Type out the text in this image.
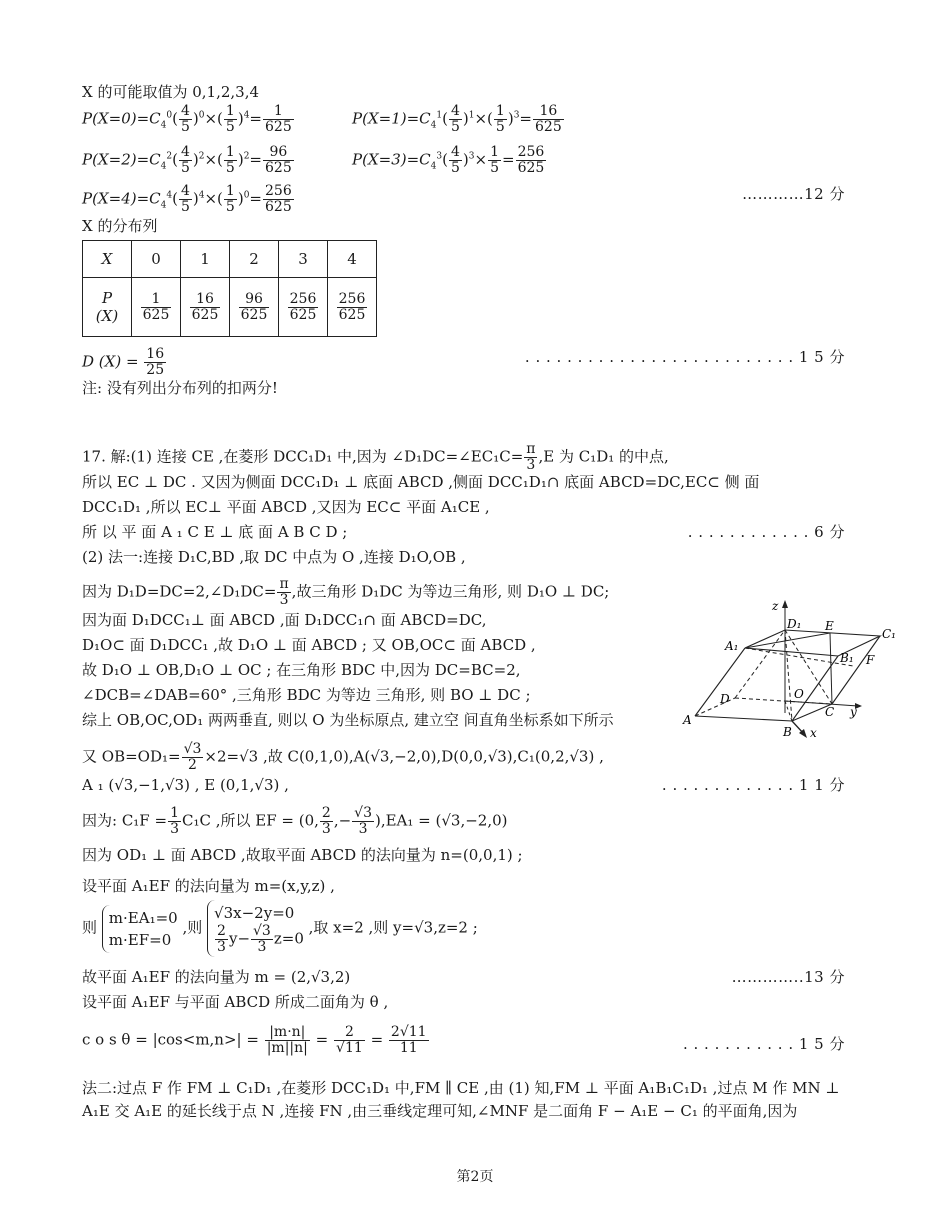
X 的可能取值为 0,1,2,3,4
$P(X=0)=C_4^0( \frac{4}{5} )^0\times( \frac{1}{5} )^4= \frac{1}{625}$	$P(X=1)=C_4^1( \frac{4}{5} )^1\times( \frac{1}{5} )^3= \frac{16}{625}$
$P(X=2)=C_4^2( \frac{4}{5} )^2\times( \frac{1}{5} )^2= \frac{96}{625}$	$P(X=3)=C_4^3( \frac{4}{5} )^3\times \frac{1}{5} = \frac{256}{625}$
$P(X=4)=C_4^4( \frac{4}{5} )^4\times( \frac{1}{5} )^0= \frac{256}{625}$	…………12 分
X 的分布列
X	0	1	2	3	4
P
(X)	$\frac{1}{625}$	$\frac{16}{625}$	$\frac{96}{625}$	$\frac{256}{625}$	$\frac{256}{625}$
D $(X) = \frac{16}{25}$	. . . . . . . . . . . . . . . . . . . . . . . . . . 1 5 分
注: 没有列出分布列的扣两分!
17. 解:(1) 连接 CE ,在菱形 DCC₁D₁ 中,因为 ∠D₁DC=∠EC₁C= $\frac{\pi}{3} ,E$ 为 C₁D₁ 的中点,
所以 EC ⊥ DC . 又因为侧面 DCC₁D₁ ⊥ 底面 ABCD ,侧面 DCC₁D₁∩ 底面 ABCD=DC,EC⊂ 侧 面
DCC₁D₁ ,所以 EC⊥ 平面 ABCD ,又因为 EC⊂ 平面 A₁CE ,
所 以 平 面 A ₁ C E ⊥ 底 面 A B C D ;	. . . . . . . . . . . . 6 分
(2) 法一:连接 D₁C,BD ,取 DC 中点为 O ,连接 D₁O,OB ,
因为 D₁D=DC=2,∠D₁DC= $\frac{\pi}{3}$ ,故三角形 D₁DC 为等边三角形, 则 D₁O ⊥ DC;
因为面 D₁DCC₁⊥ 面 ABCD ,面 D₁DCC₁∩ 面 ABCD=DC,
D₁O⊂ 面 D₁DCC₁ ,故 D₁O ⊥ 面 ABCD ; 又 OB,OC⊂ 面 ABCD ,
故 D₁O ⊥ OB,D₁O ⊥ OC ; 在三角形 BDC 中,因为 DC=BC=2,
∠DCB=∠DAB=60° ,三角形 BDC 为等边 三角形, 则 BO ⊥ DC ;
综上 OB,OC,OD₁ 两两垂直, 则以 O 为坐标原点, 建立空 间直角坐标系如下所示
又 $OB=OD_1= \frac{√3}{2} \times 2=√3$ ,故 C(0,1,0),A(√3,−2,0),D(0,0,√3),C₁(0,2,√3) ,
A ₁ (√3,−1,√3) , E (0,1,√3) ,	. . . . . . . . . . . . . 1 1 分
因为: $C_1F = \frac{1}{3} C_1C$ ,所以 EF = (0, $\frac{2}{3}$ ,− $\frac{√3}{3} ),EA_1 = (√3,-2,0)$
因为 OD₁ ⊥ 面 ABCD ,故取平面 ABCD 的法向量为 n=(0,0,1) ;
设平面 A₁EF 的法向量为 m=(x,y,z) ,
则 m·EA₁=0
m·EF=0 ,则 √3x−2y=0

$\frac{2}{3} y- \frac{√3}{3} z=0$ ,取 x=2 ,则 y=√3,z=2 ;
故平面 A₁EF 的法向量为 m = (2,√3,2)	…………..13 分
设平面 A₁EF 与平面 ABCD 所成二面角为 θ ,
c o s $\theta = |\cos<m,n>| = \frac{|m\cdot n|}{|m||n|} = \frac{2}{√11} = \frac{2√11}{11}$	. . . . . . . . . . . 1 5 分
法二:过点 F 作 FM ⊥ C₁D₁ ,在菱形 DCC₁D₁ 中,FM ∥ CE ,由 (1) 知,FM ⊥ 平面 A₁B₁C₁D₁ ,过点 M 作 MN ⊥
A₁E 交 A₁E 的延长线于点 N ,连接 FN ,由三垂线定理可知,∠MNF 是二面角 F − A₁E − C₁ 的平面角,因为
z
y
D₁ E
C₁
A₁
B₁ F
D	O
C
A
B x
第2页
